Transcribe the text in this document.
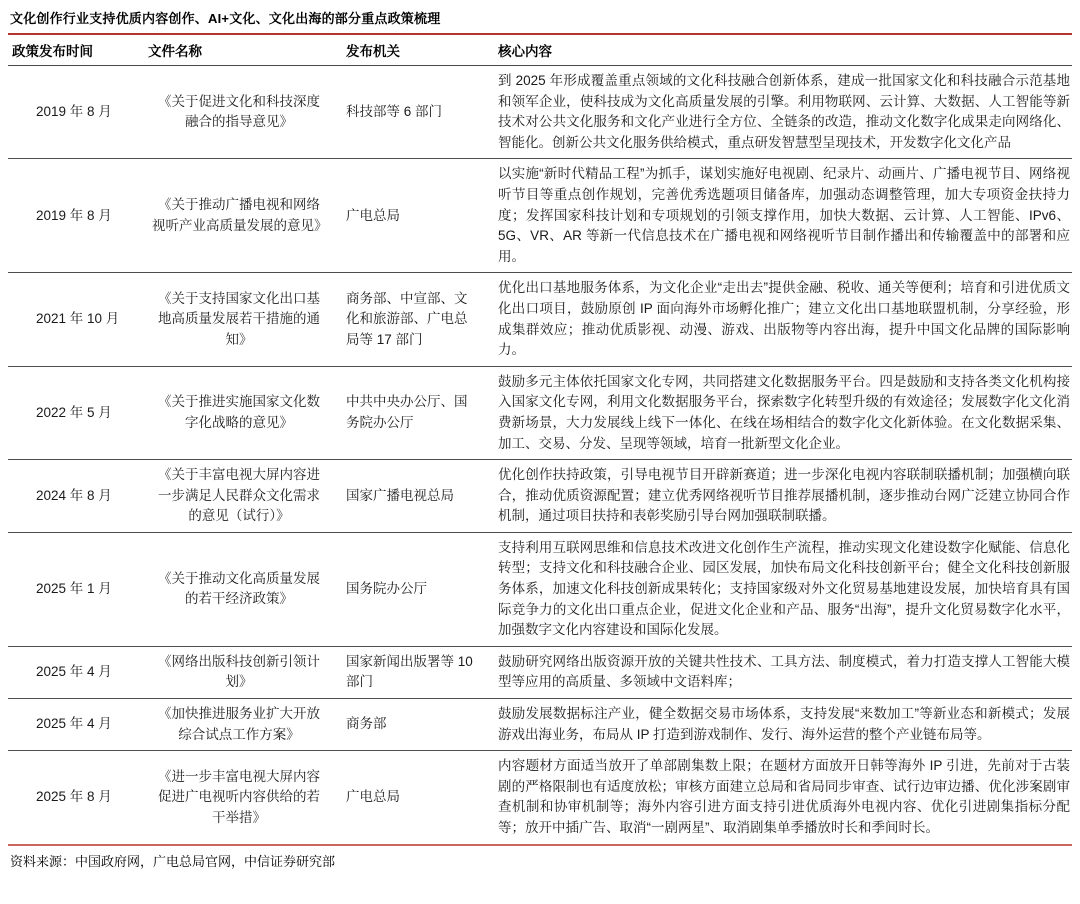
文化创作行业支持优质内容创作、AI+文化、文化出海的部分重点政策梳理
政策发布时间	文件名称	发布机关	核心内容
2019 年 8 月	《关于促进文化和科技深度融合的指导意见》	科技部等 6 部门	到 2025 年形成覆盖重点领域的文化科技融合创新体系，建成一批国家文化和科技融合示范基地和领军企业，使科技成为文化高质量发展的引擎。利用物联网、云计算、大数据、人工智能等新技术对公共文化服务和文化产业进行全方位、全链条的改造，推动文化数字化成果走向网络化、智能化。创新公共文化服务供给模式，重点研发智慧型呈现技术，开发数字化文化产品
2019 年 8 月	《关于推动广播电视和网络视听产业高质量发展的意见》	广电总局	以实施“新时代精品工程”为抓手，谋划实施好电视剧、纪录片、动画片、广播电视节目、网络视听节目等重点创作规划，完善优秀选题项目储备库，加强动态调整管理，加大专项资金扶持力度；发挥国家科技计划和专项规划的引领支撑作用，加快大数据、云计算、人工智能、IPv6、5G、VR、AR 等新一代信息技术在广播电视和网络视听节目制作播出和传输覆盖中的部署和应用。
2021 年 10 月	《关于支持国家文化出口基地高质量发展若干措施的通知》	商务部、中宣部、文化和旅游部、广电总局等 17 部门	优化出口基地服务体系，为文化企业“走出去”提供金融、税收、通关等便利；培育和引进优质文化出口项目，鼓励原创 IP 面向海外市场孵化推广；建立文化出口基地联盟机制，分享经验，形成集群效应；推动优质影视、动漫、游戏、出版物等内容出海，提升中国文化品牌的国际影响力。
2022 年 5 月	《关于推进实施国家文化数字化战略的意见》	中共中央办公厅、国务院办公厅	鼓励多元主体依托国家文化专网，共同搭建文化数据服务平台。四是鼓励和支持各类文化机构接入国家文化专网，利用文化数据服务平台，探索数字化转型升级的有效途径；发展数字化文化消费新场景，大力发展线上线下一体化、在线在场相结合的数字化文化新体验。在文化数据采集、加工、交易、分发、呈现等领域，培育一批新型文化企业。
2024 年 8 月	《关于丰富电视大屏内容进一步满足人民群众文化需求的意见（试行）》	国家广播电视总局	优化创作扶持政策，引导电视节目开辟新赛道；进一步深化电视内容联制联播机制；加强横向联合，推动优质资源配置；建立优秀网络视听节目推荐展播机制，逐步推动台网广泛建立协同合作机制，通过项目扶持和表彰奖励引导台网加强联制联播。
2025 年 1 月	《关于推动文化高质量发展的若干经济政策》	国务院办公厅	支持利用互联网思维和信息技术改进文化创作生产流程，推动实现文化建设数字化赋能、信息化转型；支持文化和科技融合企业、园区发展，加快布局文化科技创新平台；健全文化科技创新服务体系，加速文化科技创新成果转化；支持国家级对外文化贸易基地建设发展，加快培育具有国际竞争力的文化出口重点企业，促进文化企业和产品、服务“出海”，提升文化贸易数字化水平，加强数字文化内容建设和国际化发展。
2025 年 4 月	《网络出版科技创新引领计划》	国家新闻出版署等 10 部门	鼓励研究网络出版资源开放的关键共性技术、工具方法、制度模式，着力打造支撑人工智能大模型等应用的高质量、多领域中文语料库；
2025 年 4 月	《加快推进服务业扩大开放综合试点工作方案》	商务部	鼓励发展数据标注产业，健全数据交易市场体系，支持发展“来数加工”等新业态和新模式；发展游戏出海业务，布局从 IP 打造到游戏制作、发行、海外运营的整个产业链布局等。
2025 年 8 月	《进一步丰富电视大屏内容 促进广电视听内容供给的若干举措》	广电总局	内容题材方面适当放开了单部剧集数上限；在题材方面放开日韩等海外 IP 引进，先前对于古装剧的严格限制也有适度放松；审核方面建立总局和省局同步审查、试行边审边播、优化涉案剧审查机制和协审机制等；海外内容引进方面支持引进优质海外电视内容、优化引进剧集指标分配等；放开中插广告、取消“一剧两星”、取消剧集单季播放时长和季间时长。
资料来源：中国政府网，广电总局官网，中信证券研究部
